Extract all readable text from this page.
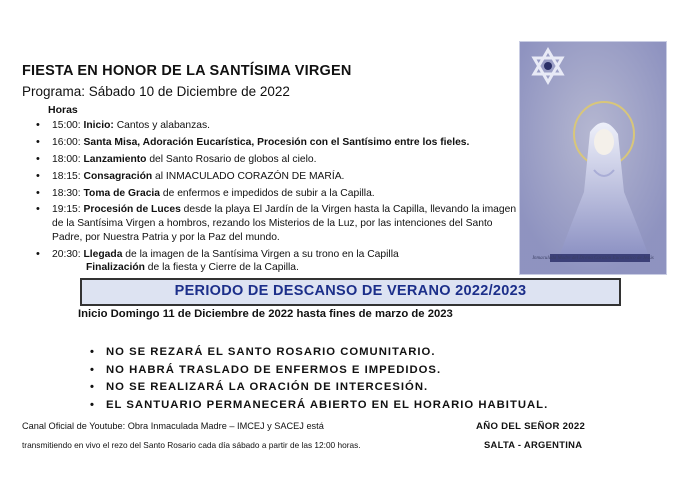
FIESTA EN HONOR DE LA SANTÍSIMA VIRGEN
Programa: Sábado 10 de Diciembre de 2022
Horas
• 15:00: Inicio: Cantos y alabanzas.
• 16:00: Santa Misa, Adoración Eucarística, Procesión con el Santísimo entre los fieles.
• 18:00: Lanzamiento del Santo Rosario de globos al cielo.
• 18:15: Consagración al INMACULADO CORAZÓN DE MARÍA.
• 18:30: Toma de Gracia de enfermos e impedidos de subir a la Capilla.
• 19:15: Procesión de Luces desde la playa El Jardín de la Virgen hasta la Capilla, llevando la imagen de la Santísima Virgen a hombros, rezando los Misterios de la Luz, por las intenciones del Santo Padre, por Nuestra Patria y por la Paz del mundo.
• 20:30: Llegada de la imagen de la Santísima Virgen a su trono en la Capilla
Finalización de la fiesta y Cierre de la Capilla.
Inmaculada Madre del Divino Corazón Eucarístico de Jesús
PERIODO DE DESCANSO DE VERANO 2022/2023
Inicio Domingo 11 de Diciembre de 2022 hasta fines de marzo de 2023
• NO SE REZARÁ EL SANTO ROSARIO COMUNITARIO.
• NO HABRÁ TRASLADO DE ENFERMOS E IMPEDIDOS.
• NO SE REALIZARÁ LA ORACIÓN DE INTERCESIÓN.
• EL SANTUARIO PERMANECERÁ ABIERTO EN EL HORARIO HABITUAL.
Canal Oficial de Youtube: Obra Inmaculada Madre – IMCEJ y SACEJ está
transmitiendo en vivo el rezo del Santo Rosario cada día sábado a partir de las 12:00 horas.
AÑO DEL SEÑOR 2022
SALTA - ARGENTINA
